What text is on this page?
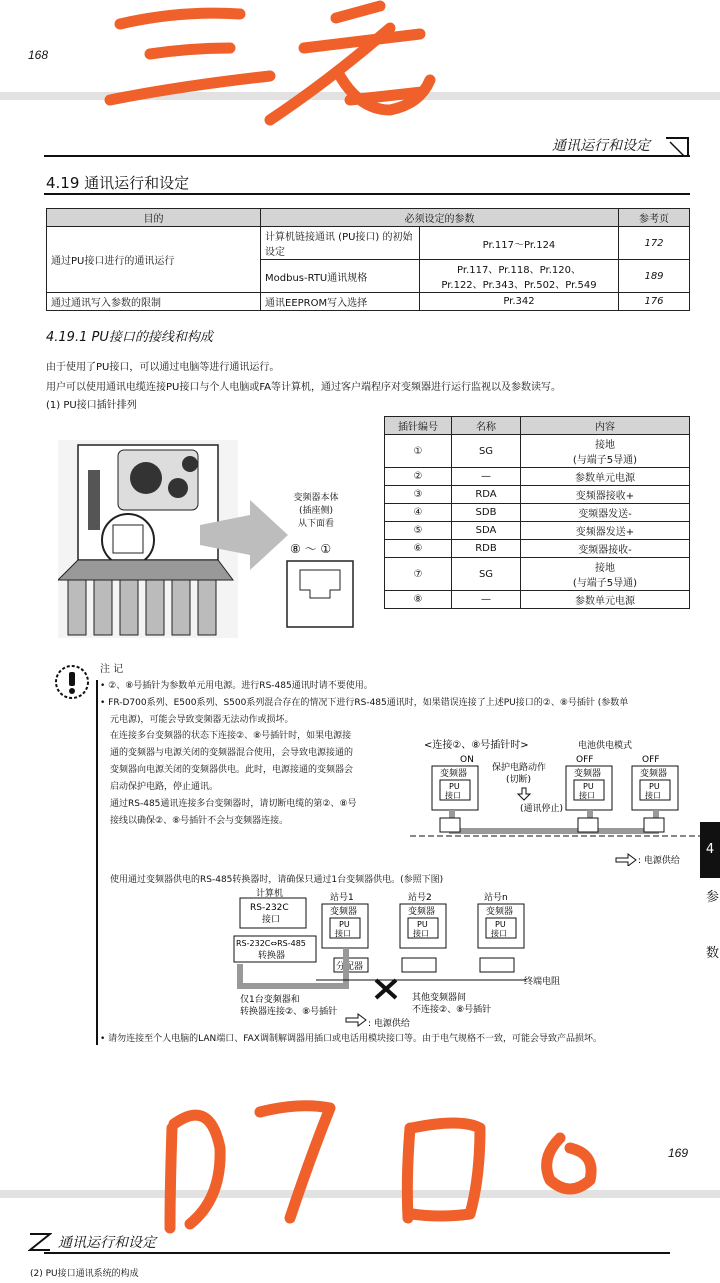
168
通讯运行和设定
4.19 通讯运行和设定
目的	必须设定的参数		参考页
通过PU接口进行的通讯运行	计算机链接通讯 (PU接口) 的初始设定	Pr.117～Pr.124	172
	Modbus-RTU通讯规格	Pr.117、Pr.118、Pr.120、
Pr.122、Pr.343、Pr.502、Pr.549	189
通过通讯写入参数的限制	通讯EEPROM写入选择	Pr.342	176
4.19.1 PU接口的接线和构成
由于使用了PU接口，可以通过电脑等进行通讯运行。
用户可以使用通讯电缆连接PU接口与个人电脑或FA等计算机，通过客户端程序对变频器进行运行监视以及参数读写。
(1) PU接口插针排列
变频器本体
(插座侧)
从下面看
⑧ ～ ①
插针编号	名称	内容
①	SG	接地
(与端子5导通)

②	—	参数单元电源
③	RDA	变频器接收+
④	SDB	变频器发送-
⑤	SDA	变频器发送+
⑥	RDB	变频器接收-
⑦	SG	接地
(与端子5导通)

⑧	—	参数单元电源
注 记
• ②、⑧号插针为参数单元用电源。进行RS-485通讯时请不要使用。
• FR-D700系列、E500系列、S500系列混合存在的情况下进行RS-485通讯时，如果错误连接了上述PU接口的②、⑧号插针 (参数单
元电源)，可能会导致变频器无法动作或损坏。
在连接多台变频器的状态下连接②、⑧号插针时，如果电源接
通的变频器与电源关闭的变频器混合使用，会导致电源接通的
变频器向电源关闭的变频器供电。此时，电源接通的变频器会
启动保护电路，停止通讯。
通过RS-485通讯连接多台变频器时，请切断电缆的第②、⑧号
接线以确保②、⑧号插针不会与变频器连接。
<连接②、⑧号插针时>
ON
保护电路动作
(切断)
(通讯停止)
电池供电模式
OFF	OFF
变频器	变频器	变频器
PU
接口
PU
接口
PU
接口
: 电源供给
使用通过变频器供电的RS-485转换器时，请确保只通过1台变频器供电。(参照下图)
计算机
RS-232C
接口
RS-232C⇔RS-485
转换器
站号1	站号2	站号n
变频器	变频器	变频器
PU
接口
PU
接口
PU
接口
分配器
终端电阻
仅1台变频器和
转换器连接②、⑧号插针
其他变频器间
不连接②、⑧号插针
: 电源供给
• 请勿连接至个人电脑的LAN端口、FAX调制解调器用插口或电话用模块接口等。由于电气规格不一致，可能会导致产品损坏。
4
参
数
169
通讯运行和设定
(2) PU接口通讯系统的构成
